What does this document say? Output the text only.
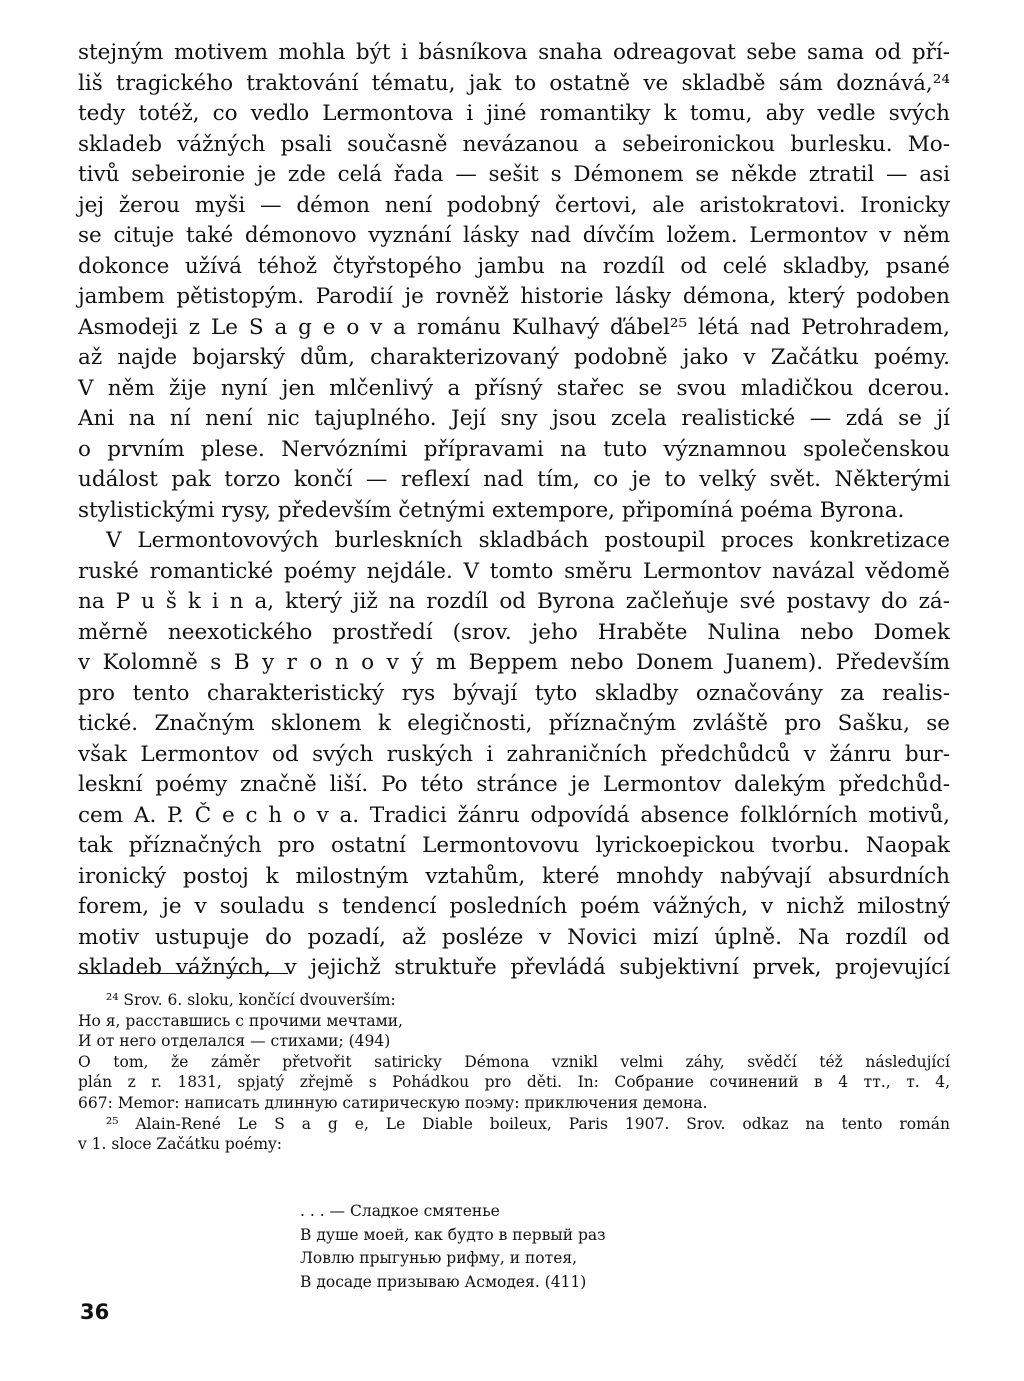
stejným motivem mohla být i básníkova snaha odreagovat sebe sama od pří-
liš tragického traktování tématu, jak to ostatně ve skladbě sám doznává,²⁴
tedy totéž, co vedlo Lermontova i jiné romantiky k tomu, aby vedle svých
skladeb vážných psali současně nevázanou a sebeironickou burlesku. Mo-
tivů sebeironie je zde celá řada — sešit s Démonem se někde ztratil — asi
jej žerou myši — démon není podobný čertovi, ale aristokratovi. Ironicky
se cituje také démonovo vyznání lásky nad dívčím ložem. Lermontov v něm
dokonce užívá téhož čtyřstopého jambu na rozdíl od celé skladby, psané
jambem pětistopým. Parodií je rovněž historie lásky démona, který podoben
Asmodeji z Le S a g e o v a románu Kulhavý ďábel²⁵ létá nad Petrohradem,
až najde bojarský dům, charakterizovaný podobně jako v Začátku poémy.
V něm žije nyní jen mlčenlivý a přísný stařec se svou mladičkou dcerou.
Ani na ní není nic tajuplného. Její sny jsou zcela realistické — zdá se jí
o prvním plese. Nervózními přípravami na tuto významnou společenskou
událost pak torzo končí — reflexí nad tím, co je to velký svět. Některými
stylistickými rysy, především četnými extempore, připomíná poéma Byrona.

V Lermontovových burleskních skladbách postoupil proces konkretizace
ruské romantické poémy nejdále. V tomto směru Lermontov navázal vědomě
na P u š k i n a, který již na rozdíl od Byrona začleňuje své postavy do zá-
měrně neexotického prostředí (srov. jeho Hraběte Nulina nebo Domek
v Kolomně s B y r o n o v ý m Beppem nebo Donem Juanem). Především
pro tento charakteristický rys bývají tyto skladby označovány za realis-
tické. Značným sklonem k elegičnosti, příznačným zvláště pro Sašku, se
však Lermontov od svých ruských i zahraničních předchůdců v žánru bur-
leskní poémy značně liší. Po této stránce je Lermontov dalekým předchůd-
cem A. P. Č e c h o v a. Tradici žánru odpovídá absence folklórních motivů,
tak příznačných pro ostatní Lermontovovu lyrickoepickou tvorbu. Naopak
ironický postoj k milostným vztahům, které mnohdy nabývají absurdních
forem, je v souladu s tendencí posledních poém vážných, v nichž milostný
motiv ustupuje do pozadí, až posléze v Novici mizí úplně. Na rozdíl od
skladeb vážných, v jejichž struktuře převládá subjektivní prvek, projevující

²⁴ Srov. 6. sloku, končící dvouverším:
Но я, расставшись с прочими мечтами,
И от него отделался — стихами; (494)
O tom, že záměr přetvořit satiricky Démona vznikl velmi záhy, svědčí též následující
plán z r. 1831, spjatý zřejmě s Pohádkou pro děti. In: Собрание сочинений в 4 тт., т. 4,
667: Memor: написать длинную сатирическую поэму: приключения демона.
²⁵ Alain-René Le S a g e, Le Diable boileux, Paris 1907. Srov. odkaz na tento román
v 1. sloce Začátku poémy:
. . . — Сладкое смятенье
В душе моей, как будто в первый раз
Ловлю прыгунью рифму, и потея,
В досаде призываю Асмодея. (411)
36
